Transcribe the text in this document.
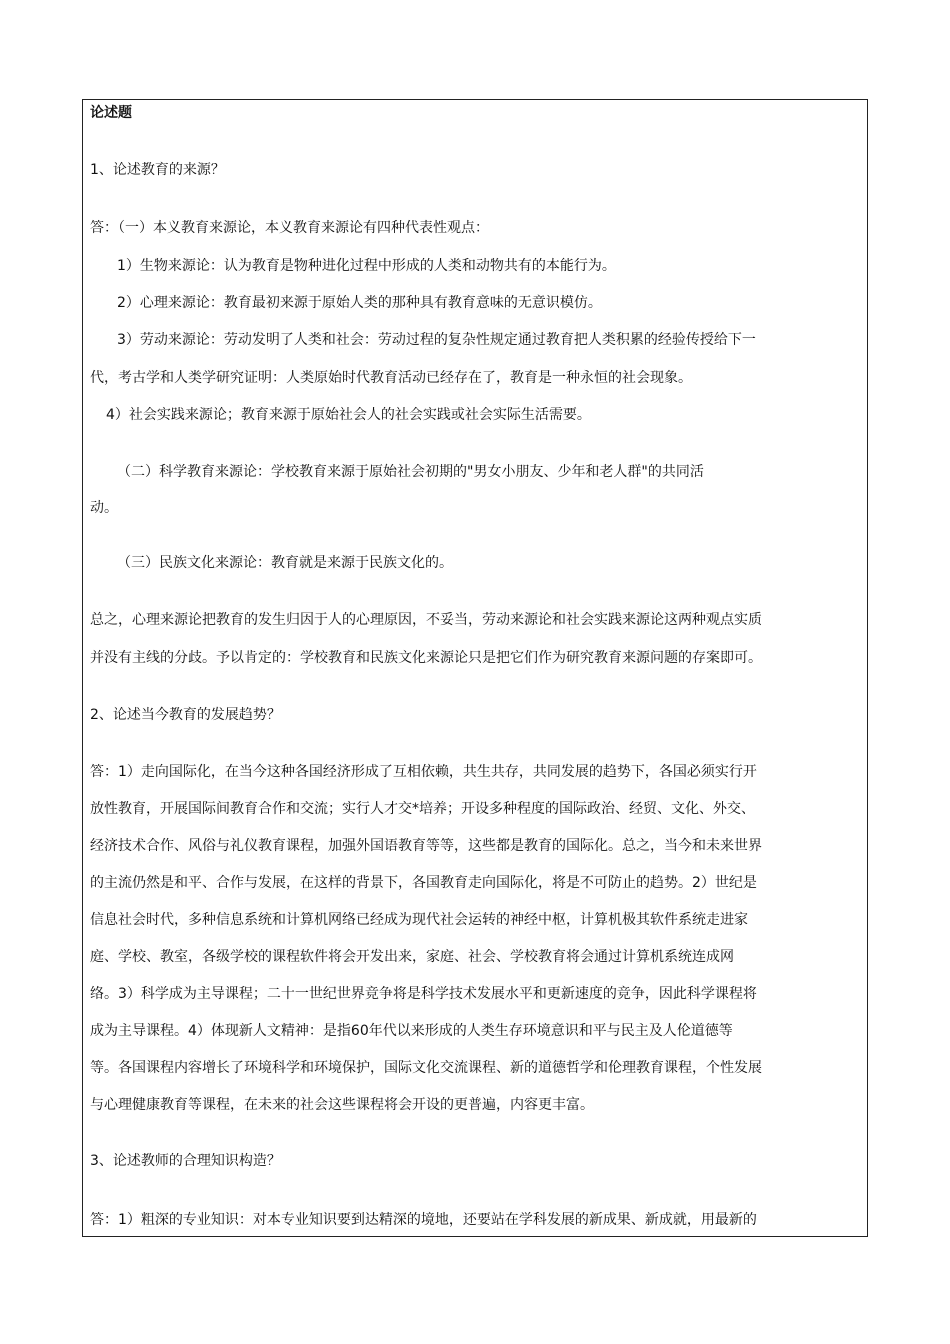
论述题
1、论述教育的来源？
答：（一）本义教育来源论，本义教育来源论有四种代表性观点：
1）生物来源论：认为教育是物种进化过程中形成的人类和动物共有的本能行为。
2）心理来源论：教育最初来源于原始人类的那种具有教育意味的无意识模仿。
3）劳动来源论：劳动发明了人类和社会：劳动过程的复杂性规定通过教育把人类积累的经验传授给下一
代，考古学和人类学研究证明：人类原始时代教育活动已经存在了，教育是一种永恒的社会现象。
4）社会实践来源论；教育来源于原始社会人的社会实践或社会实际生活需要。
（二）科学教育来源论：学校教育来源于原始社会初期的"男女小朋友、少年和老人群"的共同活
动。
（三）民族文化来源论：教育就是来源于民族文化的。
总之，心理来源论把教育的发生归因于人的心理原因，不妥当，劳动来源论和社会实践来源论这两种观点实质
并没有主线的分歧。予以肯定的：学校教育和民族文化来源论只是把它们作为研究教育来源问题的存案即可。
2、论述当今教育的发展趋势？
答：1）走向国际化，在当今这种各国经济形成了互相依赖，共生共存，共同发展的趋势下，各国必须实行开
放性教育，开展国际间教育合作和交流；实行人才交*培养；开设多种程度的国际政治、经贸、文化、外交、
经济技术合作、风俗与礼仪教育课程，加强外国语教育等等，这些都是教育的国际化。总之，当今和未来世界
的主流仍然是和平、合作与发展，在这样的背景下，各国教育走向国际化，将是不可防止的趋势。2）世纪是
信息社会时代，多种信息系统和计算机网络已经成为现代社会运转的神经中枢，计算机极其软件系统走进家
庭、学校、教室，各级学校的课程软件将会开发出来，家庭、社会、学校教育将会通过计算机系统连成网
络。3）科学成为主导课程；二十一世纪世界竞争将是科学技术发展水平和更新速度的竞争，因此科学课程将
成为主导课程。4）体现新人文精神：是指60年代以来形成的人类生存环境意识和平与民主及人伦道德等
等。各国课程内容增长了环境科学和环境保护，国际文化交流课程、新的道德哲学和伦理教育课程，个性发展
与心理健康教育等课程，在未来的社会这些课程将会开设的更普遍，内容更丰富。
3、论述教师的合理知识构造？
答：1）粗深的专业知识：对本专业知识要到达精深的境地，还要站在学科发展的新成果、新成就，用最新的
